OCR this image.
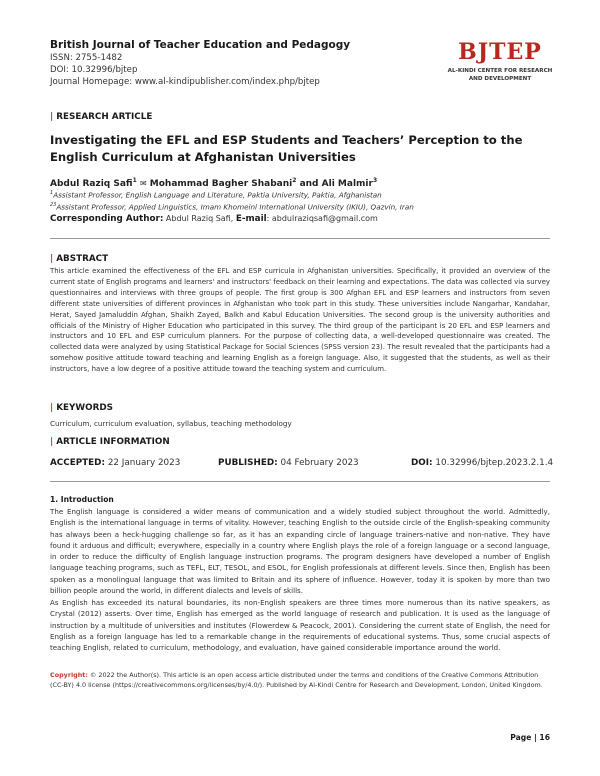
British Journal of Teacher Education and Pedagogy
ISSN: 2755-1482
DOI: 10.32996/bjtep
Journal Homepage: www.al-kindipublisher.com/index.php/bjtep
BJTEP
AL-KINDI CENTER FOR RESEARCH
AND DEVELOPMENT
| RESEARCH ARTICLE
Investigating the EFL and ESP Students and Teachers’ Perception to the English Curriculum at Afghanistan Universities
Abdul Raziq Safi$^1$ ✉ Mohammad Bagher Shabani$^2$ and Ali Malmir$^3$
$^1$Assistant Professor, English Language and Literature, Paktia University, Paktia, Afghanistan
$^{23}$Assistant Professor, Applied Linguistics, Imam Khomeini International University (IKIU), Qazvin, Iran
Corresponding Author: Abdul Raziq Safi, E-mail: abdulraziqsafi@gmail.com
| ABSTRACT
This article examined the effectiveness of the EFL and ESP curricula in Afghanistan universities. Specifically, it provided an overview of the current state of English programs and learners' and instructors' feedback on their learning and expectations. The data was collected via survey questionnaires and interviews with three groups of people. The first group is 300 Afghan EFL and ESP learners and instructors from seven different state universities of different provinces in Afghanistan who took part in this study. These universities include Nangarhar, Kandahar, Herat, Sayed Jamaluddin Afghan, Shaikh Zayed, Balkh and Kabul Education Universities. The second group is the university authorities and officials of the Ministry of Higher Education who participated in this survey. The third group of the participant is 20 EFL and ESP learners and instructors and 10 EFL and ESP curriculum planners. For the purpose of collecting data, a well-developed questionnaire was created. The collected data were analyzed by using Statistical Package for Social Sciences (SPSS version 23). The result revealed that the participants had a somehow positive attitude toward teaching and learning English as a foreign language. Also, it suggested that the students, as well as their instructors, have a low degree of a positive attitude toward the teaching system and curriculum.
| KEYWORDS
Curriculum, curriculum evaluation, syllabus, teaching methodology
| ARTICLE INFORMATION
ACCEPTED: 22 January 2023	PUBLISHED: 04 February 2023	DOI: 10.32996/bjtep.2023.2.1.4
1. Introduction
The English language is considered a wider means of communication and a widely studied subject throughout the world. Admittedly, English is the international language in terms of vitality. However, teaching English to the outside circle of the English-speaking community has always been a heck-hugging challenge so far, as it has an expanding circle of language trainers-native and non-native. They have found it arduous and difficult; everywhere, especially in a country where English plays the role of a foreign language or a second language, in order to reduce the difficulty of English language instruction programs. The program designers have developed a number of English language teaching programs, such as TEFL, ELT, TESOL, and ESOL, for English professionals at different levels. Since then, English has been spoken as a monolingual language that was limited to Britain and its sphere of influence. However, today it is spoken by more than two billion people around the world, in different dialects and levels of skills.
As English has exceeded its natural boundaries, its non-English speakers are three times more numerous than its native speakers, as Crystal (2012) asserts. Over time, English has emerged as the world language of research and publication. It is used as the language of instruction by a multitude of universities and institutes (Flowerdew & Peacock, 2001). Considering the current state of English, the need for English as a foreign language has led to a remarkable change in the requirements of educational systems. Thus, some crucial aspects of teaching English, related to curriculum, methodology, and evaluation, have gained considerable importance around the world.
Copyright: © 2022 the Author(s). This article is an open access article distributed under the terms and conditions of the Creative Commons Attribution (CC-BY) 4.0 license (https://creativecommons.org/licenses/by/4.0/). Published by Al-Kindi Centre for Research and Development, London, United Kingdom.
Page | 16
